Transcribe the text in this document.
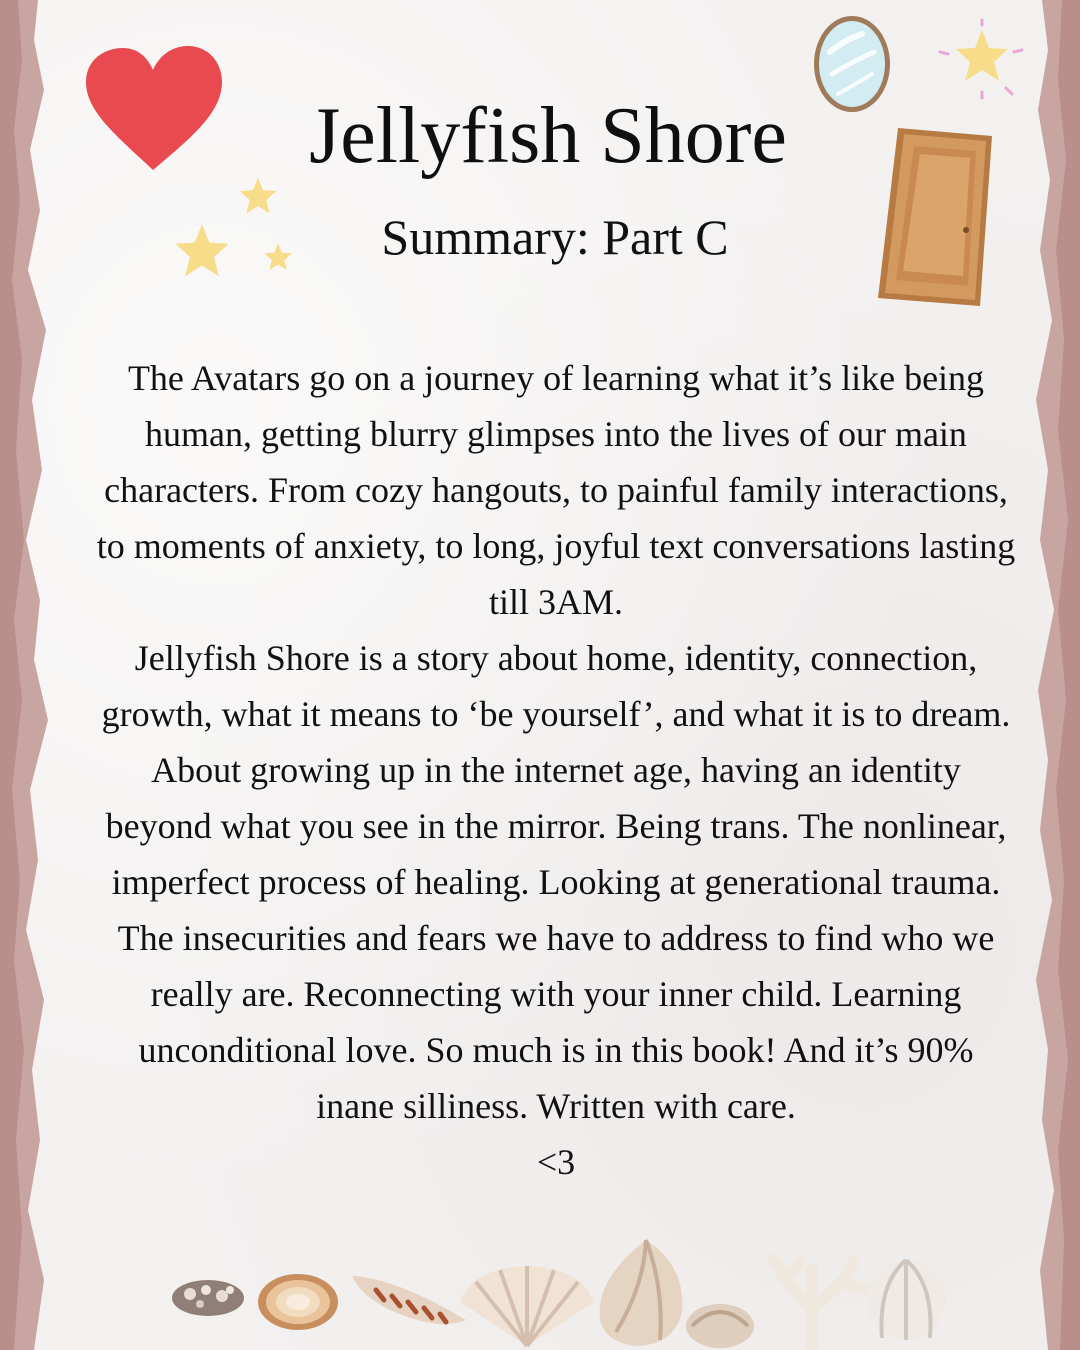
Jellyfish Shore
Summary: Part C

The Avatars go on a journey of learning what it’s like being human, getting blurry glimpses into the lives of our main characters. From cozy hangouts, to painful family interactions, to moments of anxiety, to long, joyful text conversations lasting till 3AM.

Jellyfish Shore is a story about home, identity, connection, growth, what it means to ‘be yourself’, and what it is to dream. About growing up in the internet age, having an identity beyond what you see in the mirror. Being trans. The nonlinear, imperfect process of healing. Looking at generational trauma. The insecurities and fears we have to address to find who we really are. Reconnecting with your inner child. Learning unconditional love. So much is in this book! And it’s 90% inane silliness. Written with care.

<3
